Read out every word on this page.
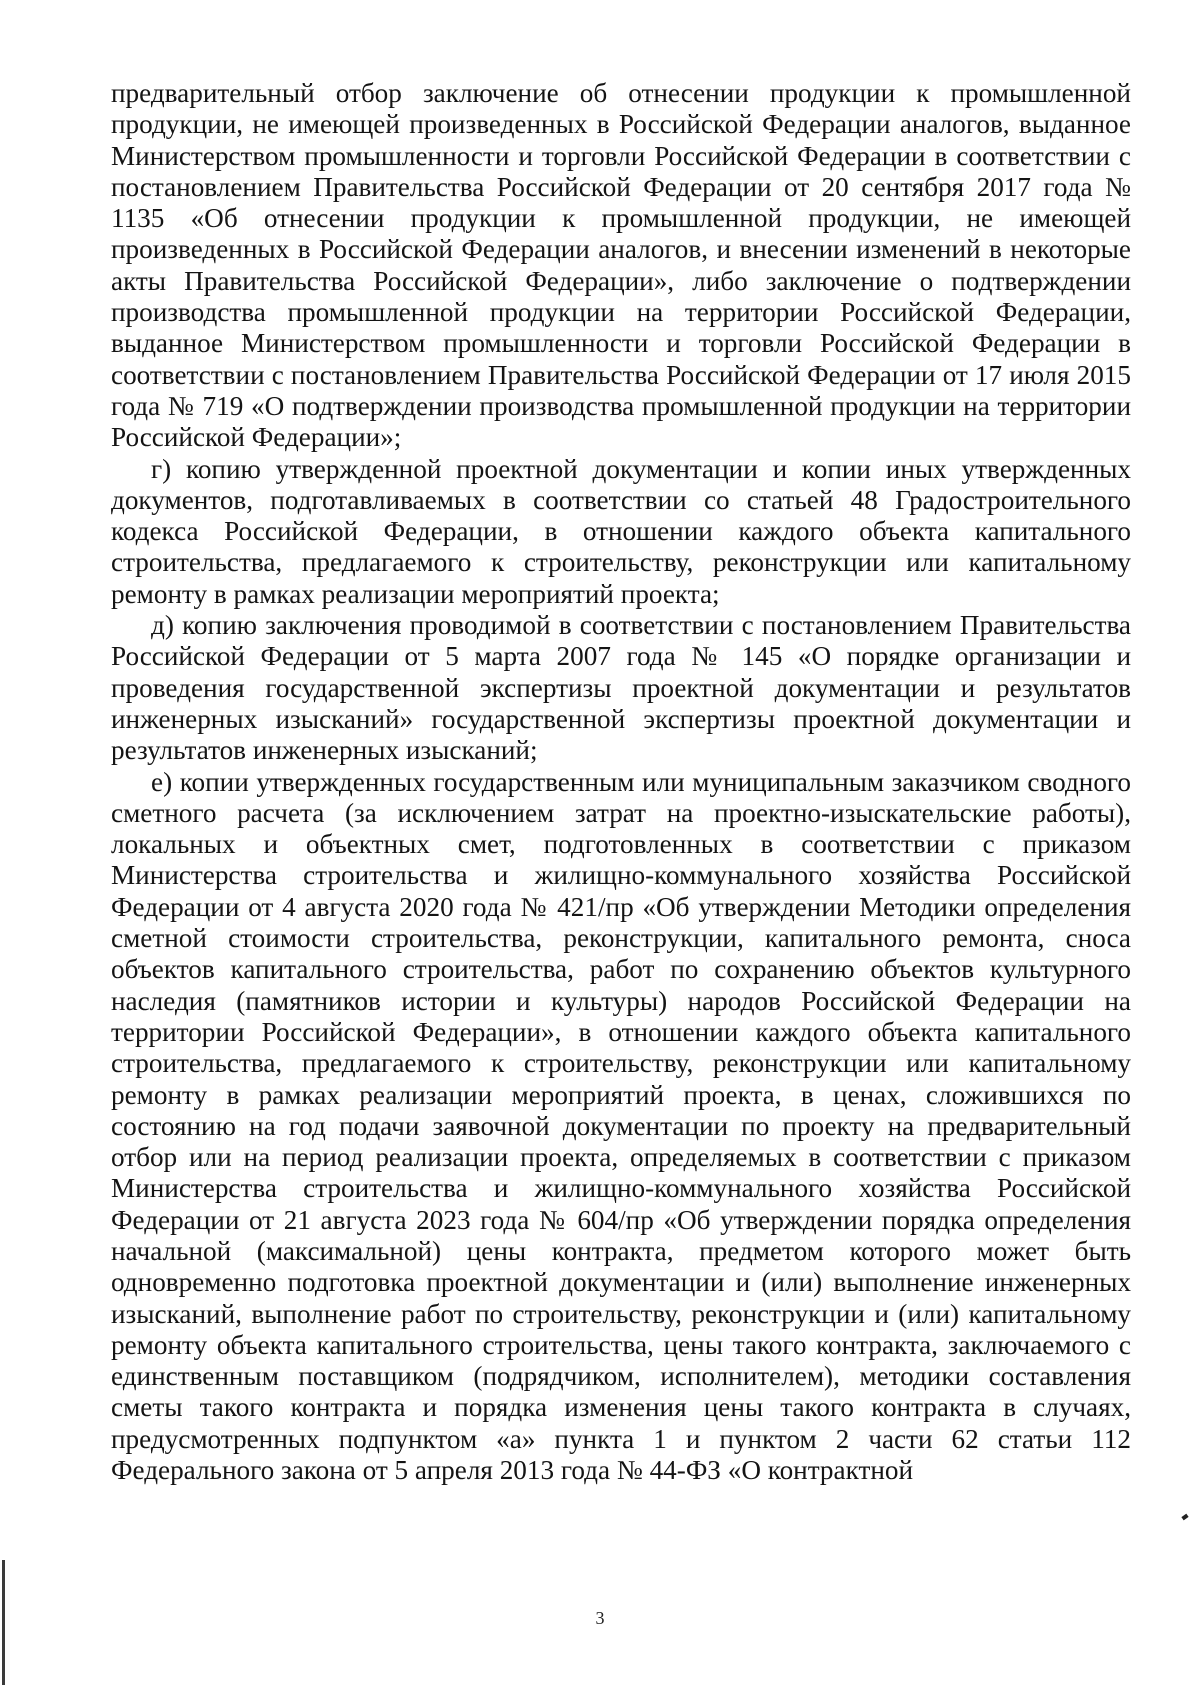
предварительный отбор заключение об отнесении продукции к промышленной продукции, не имеющей произведенных в Российской Федерации аналогов, выданное Министерством промышленности и торговли Российской Федерации в соответствии с постановлением Правительства Российской Федерации от 20 сентября 2017 года № 1135 «Об отнесении продукции к промышленной продукции, не имеющей произведенных в Российской Федерации аналогов, и внесении изменений в некоторые акты Правительства Российской Федерации», либо заключение о подтверждении производства промышленной продукции на территории Российской Федерации, выданное Министерством промышленности и торговли Российской Федерации в соответствии с постановлением Правительства Российской Федерации от 17 июля 2015 года № 719 «О подтверждении производства промышленной продукции на территории Российской Федерации»;

г) копию утвержденной проектной документации и копии иных утвержденных документов, подготавливаемых в соответствии со статьей 48 Градостроительного кодекса Российской Федерации, в отношении каждого объекта капитального строительства, предлагаемого к строительству, реконструкции или капитальному ремонту в рамках реализации мероприятий проекта;

д) копию заключения проводимой в соответствии с постановлением Правительства Российской Федерации от 5 марта 2007 года № 145 «О порядке организации и проведения государственной экспертизы проектной документации и результатов инженерных изысканий» государственной экспертизы проектной документации и результатов инженерных изысканий;

е) копии утвержденных государственным или муниципальным заказчиком сводного сметного расчета (за исключением затрат на проектно-изыскательские работы), локальных и объектных смет, подготовленных в соответствии с приказом Министерства строительства и жилищно-коммунального хозяйства Российской Федерации от 4 августа 2020 года № 421/пр «Об утверждении Методики определения сметной стоимости строительства, реконструкции, капитального ремонта, сноса объектов капитального строительства, работ по сохранению объектов культурного наследия (памятников истории и культуры) народов Российской Федерации на территории Российской Федерации», в отношении каждого объекта капитального строительства, предлагаемого к строительству, реконструкции или капитальному ремонту в рамках реализации мероприятий проекта, в ценах, сложившихся по состоянию на год подачи заявочной документации по проекту на предварительный отбор или на период реализации проекта, определяемых в соответствии с приказом Министерства строительства и жилищно-коммунального хозяйства Российской Федерации от 21 августа 2023 года № 604/пр «Об утверждении порядка определения начальной (максимальной) цены контракта, предметом которого может быть одновременно подготовка проектной документации и (или) выполнение инженерных изысканий, выполнение работ по строительству, реконструкции и (или) капитальному ремонту объекта капитального строительства, цены такого контракта, заключаемого с единственным поставщиком (подрядчиком, исполнителем), методики составления сметы такого контракта и порядка изменения цены такого контракта в случаях, предусмотренных подпунктом «а» пункта 1 и пунктом 2 части 62 статьи 112 Федерального закона от 5 апреля 2013 года № 44-ФЗ «О контрактной

3
